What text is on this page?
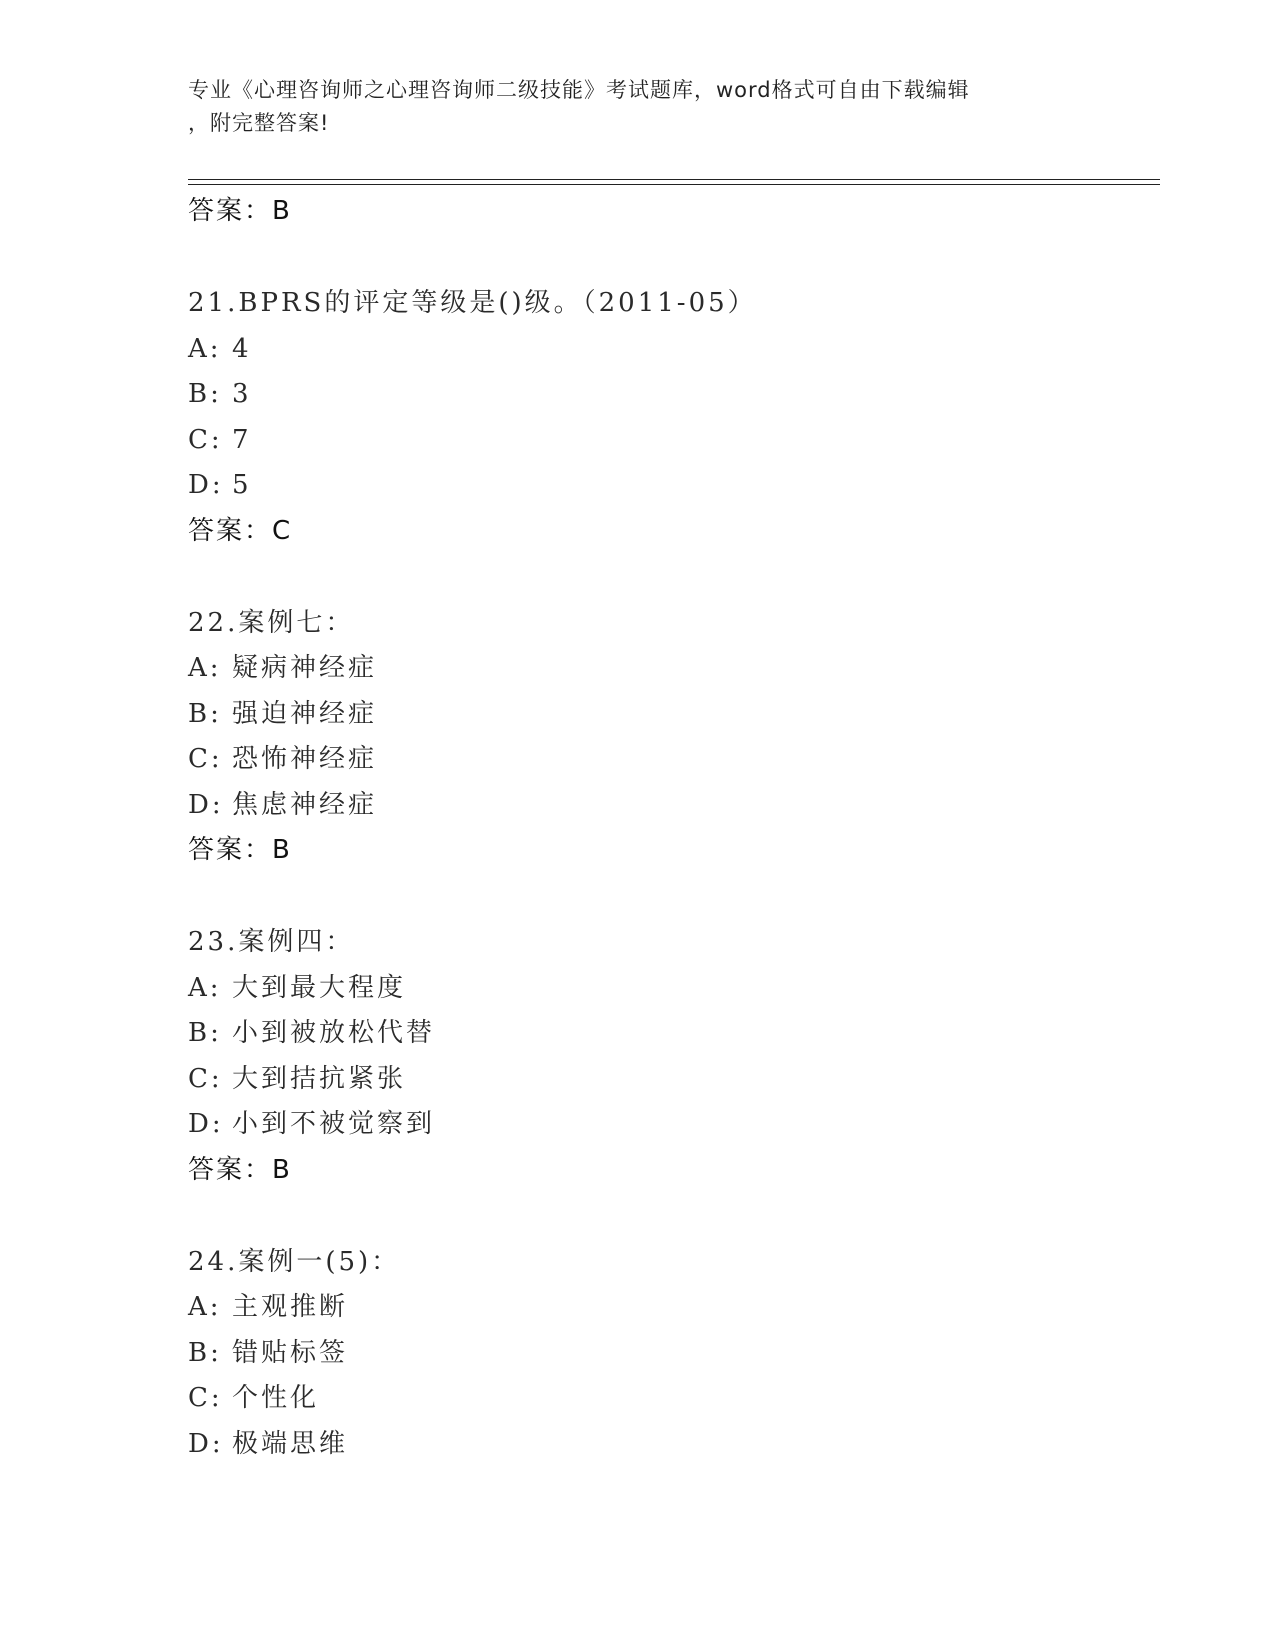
专业《心理咨询师之心理咨询师二级技能》考试题库，word格式可自由下载编辑
，附完整答案!
答案：B
21.BPRS的评定等级是()级。（2011-05）
A: 4
B: 3
C: 7
D: 5
答案：C
22.案例七：
A: 疑病神经症
B: 强迫神经症
C: 恐怖神经症
D: 焦虑神经症
答案：B
23.案例四：
A: 大到最大程度
B: 小到被放松代替
C: 大到拮抗紧张
D: 小到不被觉察到
答案：B
24.案例一(5)：
A: 主观推断
B: 错贴标签
C: 个性化
D: 极端思维
